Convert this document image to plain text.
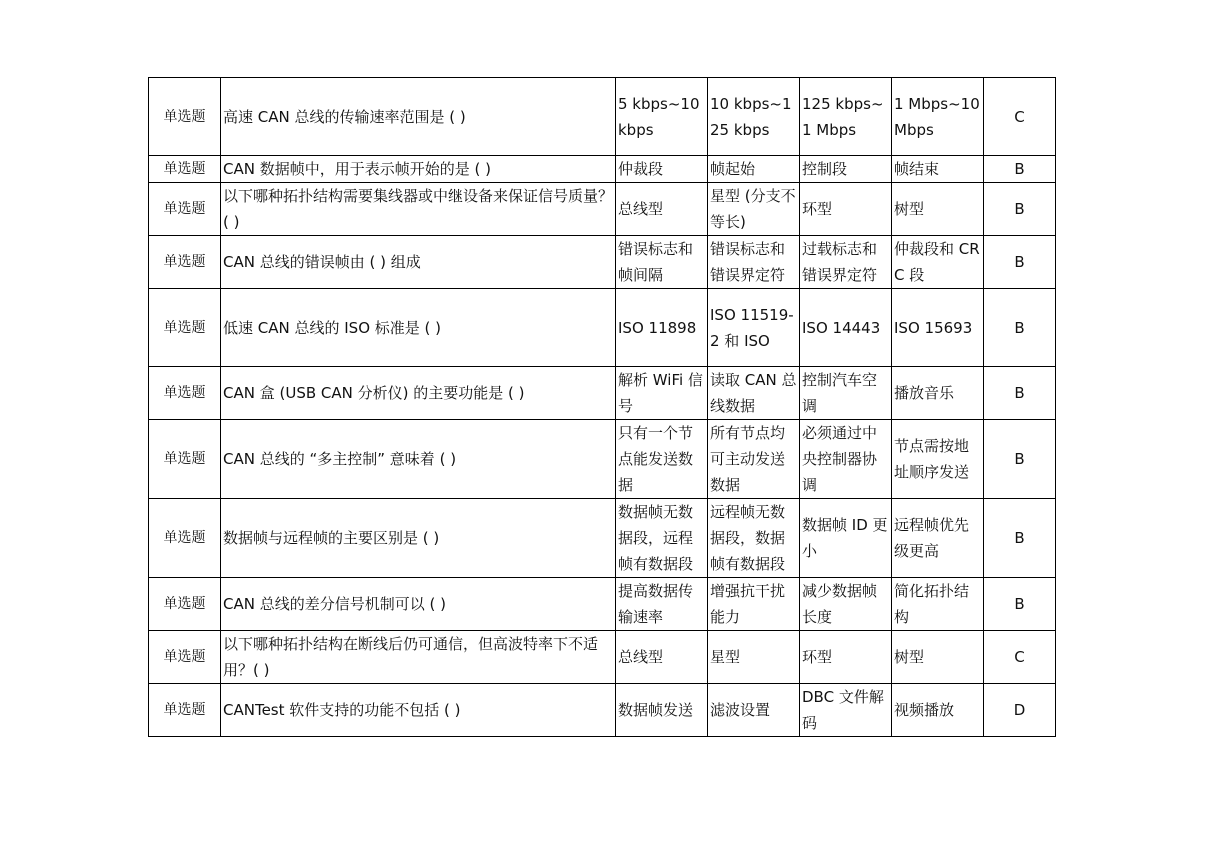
单选题	高速 CAN 总线的传输速率范围是 ( )	5 kbps~10 kbps	10 kbps~125 kbps	125 kbps~1 Mbps	1 Mbps~10 Mbps	C
单选题	CAN 数据帧中，用于表示帧开始的是 ( )	仲裁段	帧起始	控制段	帧结束	B
单选题	以下哪种拓扑结构需要集线器或中继设备来保证信号质量？( )	总线型	星型 (分支不等长)	环型	树型	B
单选题	CAN 总线的错误帧由 ( ) 组成	错误标志和帧间隔	错误标志和错误界定符	过载标志和错误界定符	仲裁段和 CRC 段	B
单选题	低速 CAN 总线的 ISO 标准是 ( )	ISO 11898	ISO 11519-2 和 ISO	ISO 14443	ISO 15693	B
单选题	CAN 盒 (USB CAN 分析仪) 的主要功能是 ( )	解析 WiFi 信号	读取 CAN 总线数据	控制汽车空调	播放音乐	B
单选题	CAN 总线的 “多主控制” 意味着 ( )	只有一个节点能发送数据	所有节点均可主动发送数据	必须通过中央控制器协调	节点需按地址顺序发送	B
单选题	数据帧与远程帧的主要区别是 ( )	数据帧无数据段，远程帧有数据段	远程帧无数据段，数据帧有数据段	数据帧 ID 更小	远程帧优先级更高	B
单选题	CAN 总线的差分信号机制可以 ( )	提高数据传输速率	增强抗干扰能力	减少数据帧长度	简化拓扑结构	B
单选题	以下哪种拓扑结构在断线后仍可通信，但高波特率下不适用？( )	总线型	星型	环型	树型	C
单选题	CANTest 软件支持的功能不包括 ( )	数据帧发送	滤波设置	DBC 文件解码	视频播放	D
